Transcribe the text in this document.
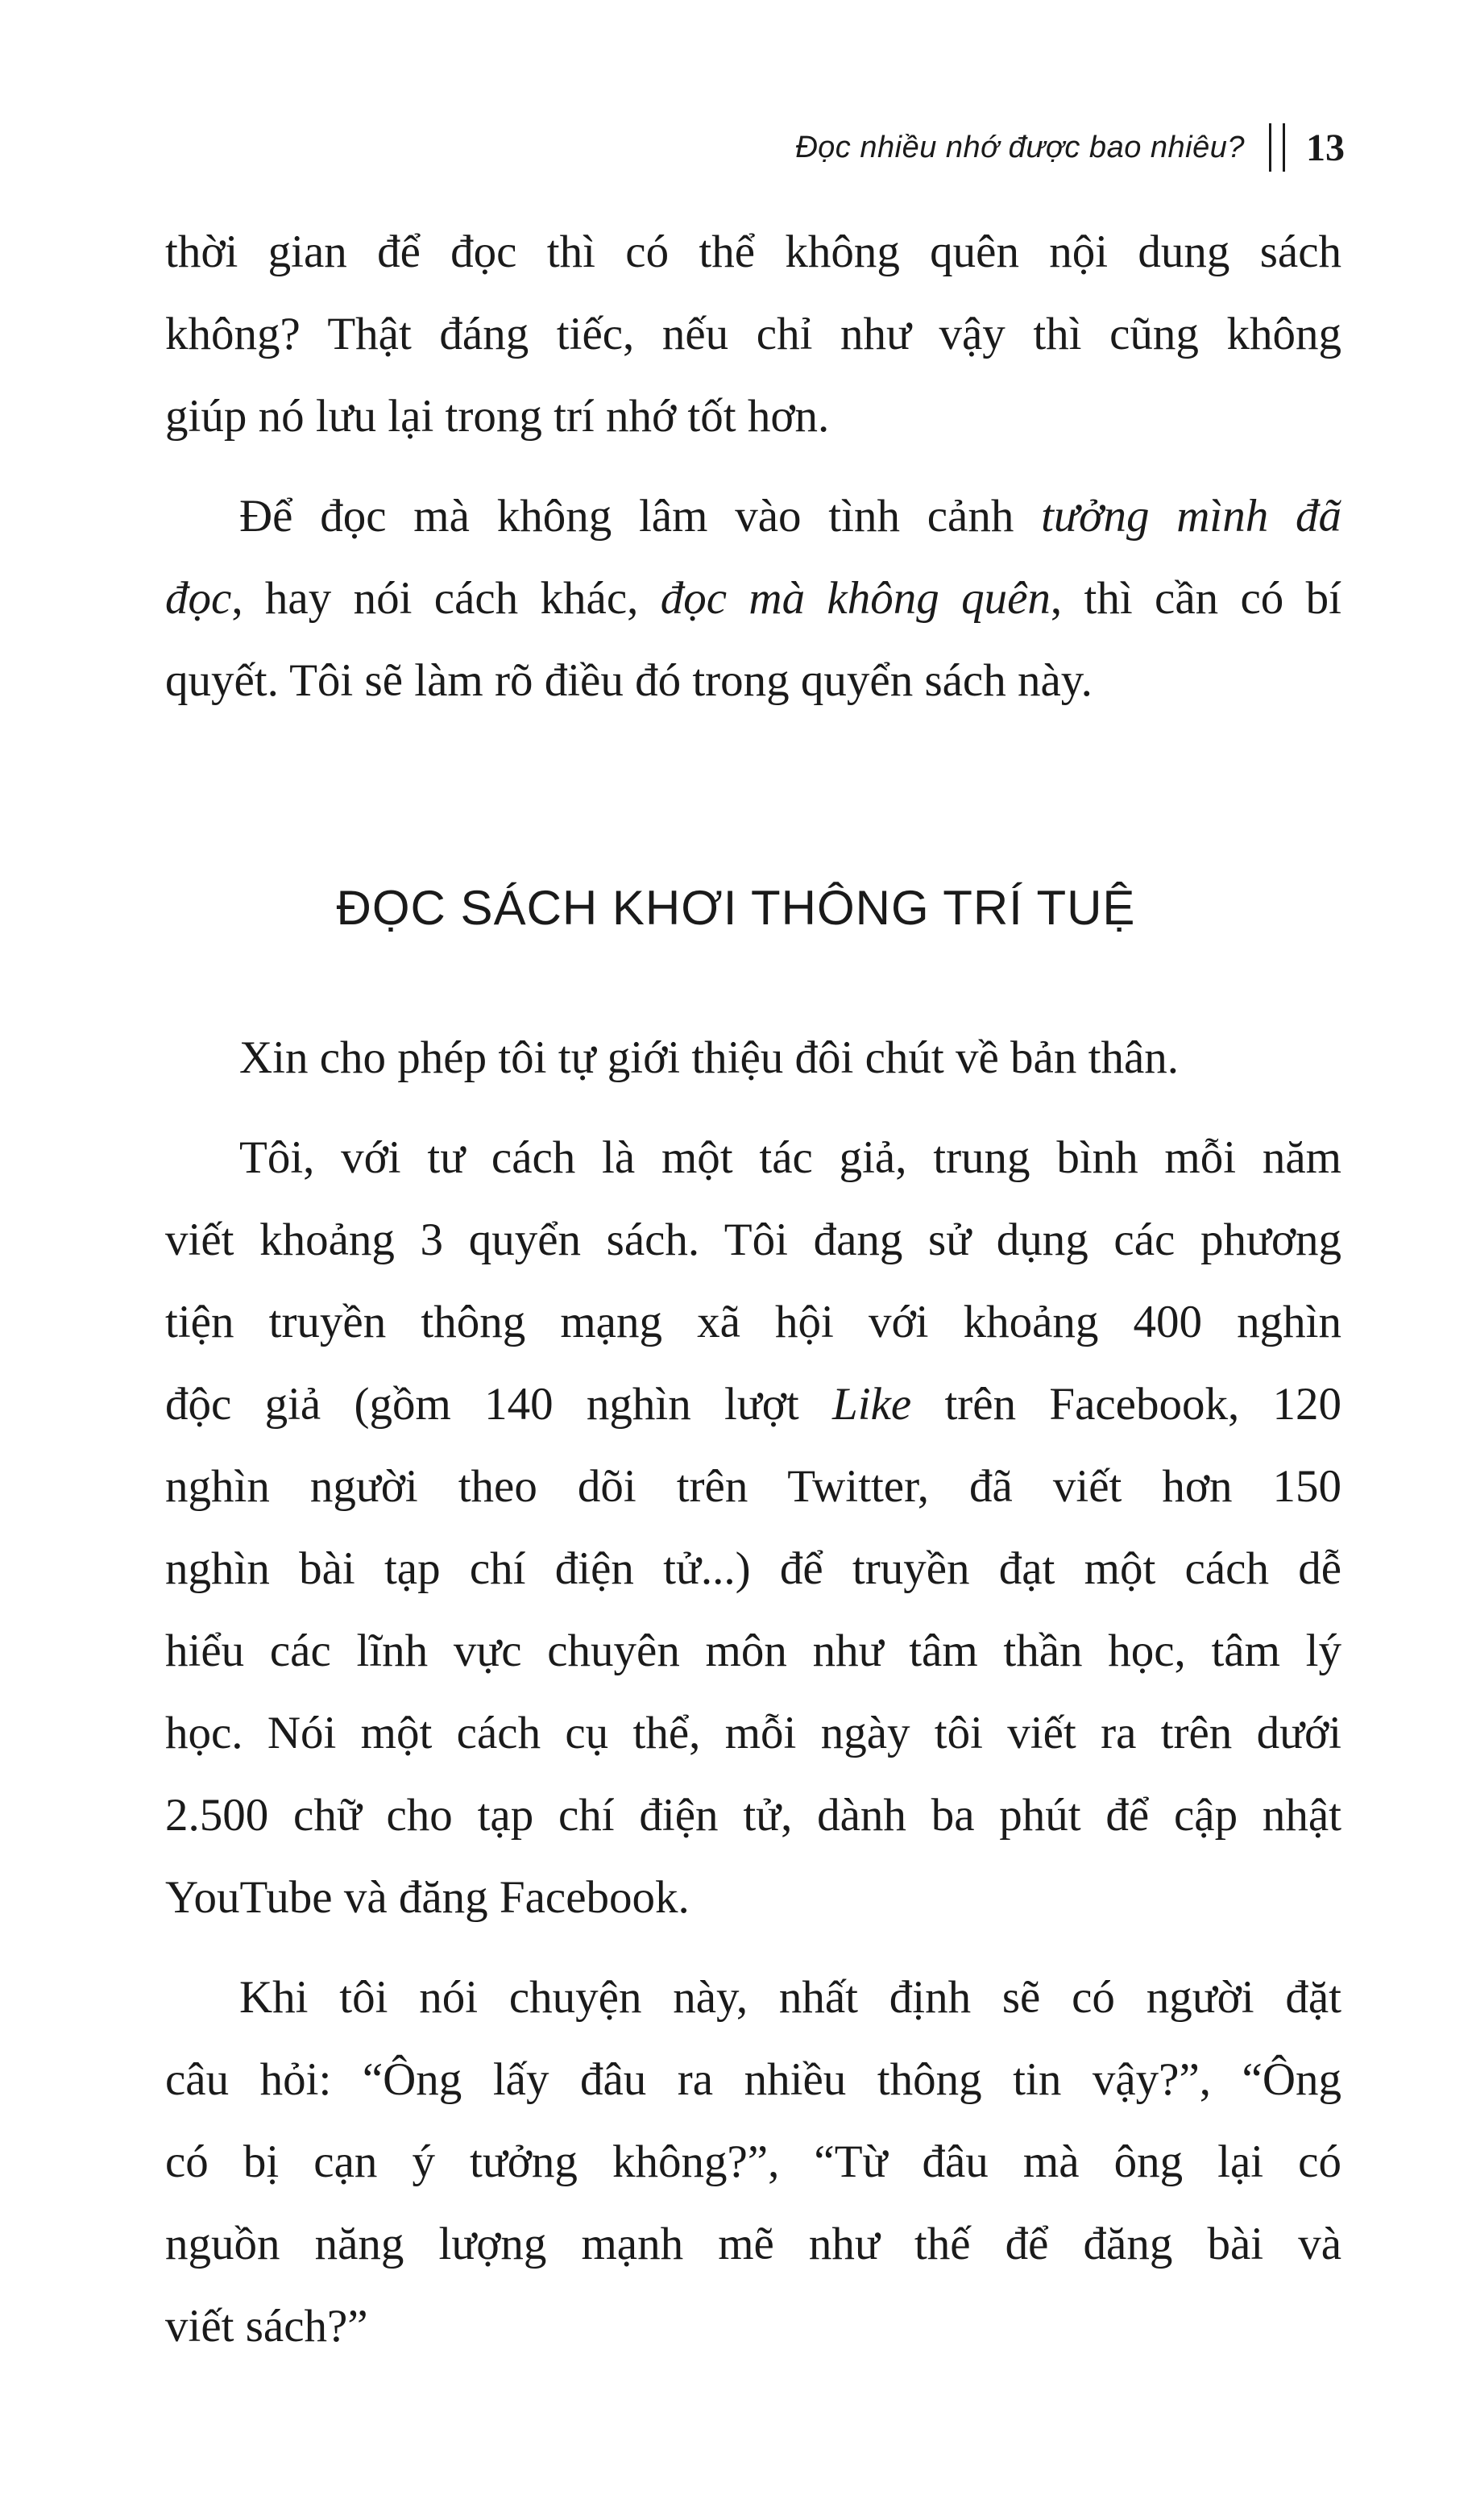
Đọc nhiều nhớ được bao nhiêu? 13

thời gian để đọc thì có thể không quên nội dung sách
không? Thật đáng tiếc, nếu chỉ như vậy thì cũng không
giúp nó lưu lại trong trí nhớ tốt hơn.

Để đọc mà không lâm vào tình cảnh tưởng mình đã
đọc, hay nói cách khác, đọc mà không quên, thì cần có bí
quyết. Tôi sẽ làm rõ điều đó trong quyển sách này.

ĐỌC SÁCH KHƠI THÔNG TRÍ TUỆ

Xin cho phép tôi tự giới thiệu đôi chút về bản thân.

Tôi, với tư cách là một tác giả, trung bình mỗi năm
viết khoảng 3 quyển sách. Tôi đang sử dụng các phương
tiện truyền thông mạng xã hội với khoảng 400 nghìn
độc giả (gồm 140 nghìn lượt Like trên Facebook, 120
nghìn người theo dõi trên Twitter, đã viết hơn 150
nghìn bài tạp chí điện tử...) để truyền đạt một cách dễ
hiểu các lĩnh vực chuyên môn như tâm thần học, tâm lý
học. Nói một cách cụ thể, mỗi ngày tôi viết ra trên dưới
2.500 chữ cho tạp chí điện tử, dành ba phút để cập nhật
YouTube và đăng Facebook.

Khi tôi nói chuyện này, nhất định sẽ có người đặt
câu hỏi: “Ông lấy đâu ra nhiều thông tin vậy?”, “Ông
có bị cạn ý tưởng không?”, “Từ đâu mà ông lại có
nguồn năng lượng mạnh mẽ như thế để đăng bài và
viết sách?”
